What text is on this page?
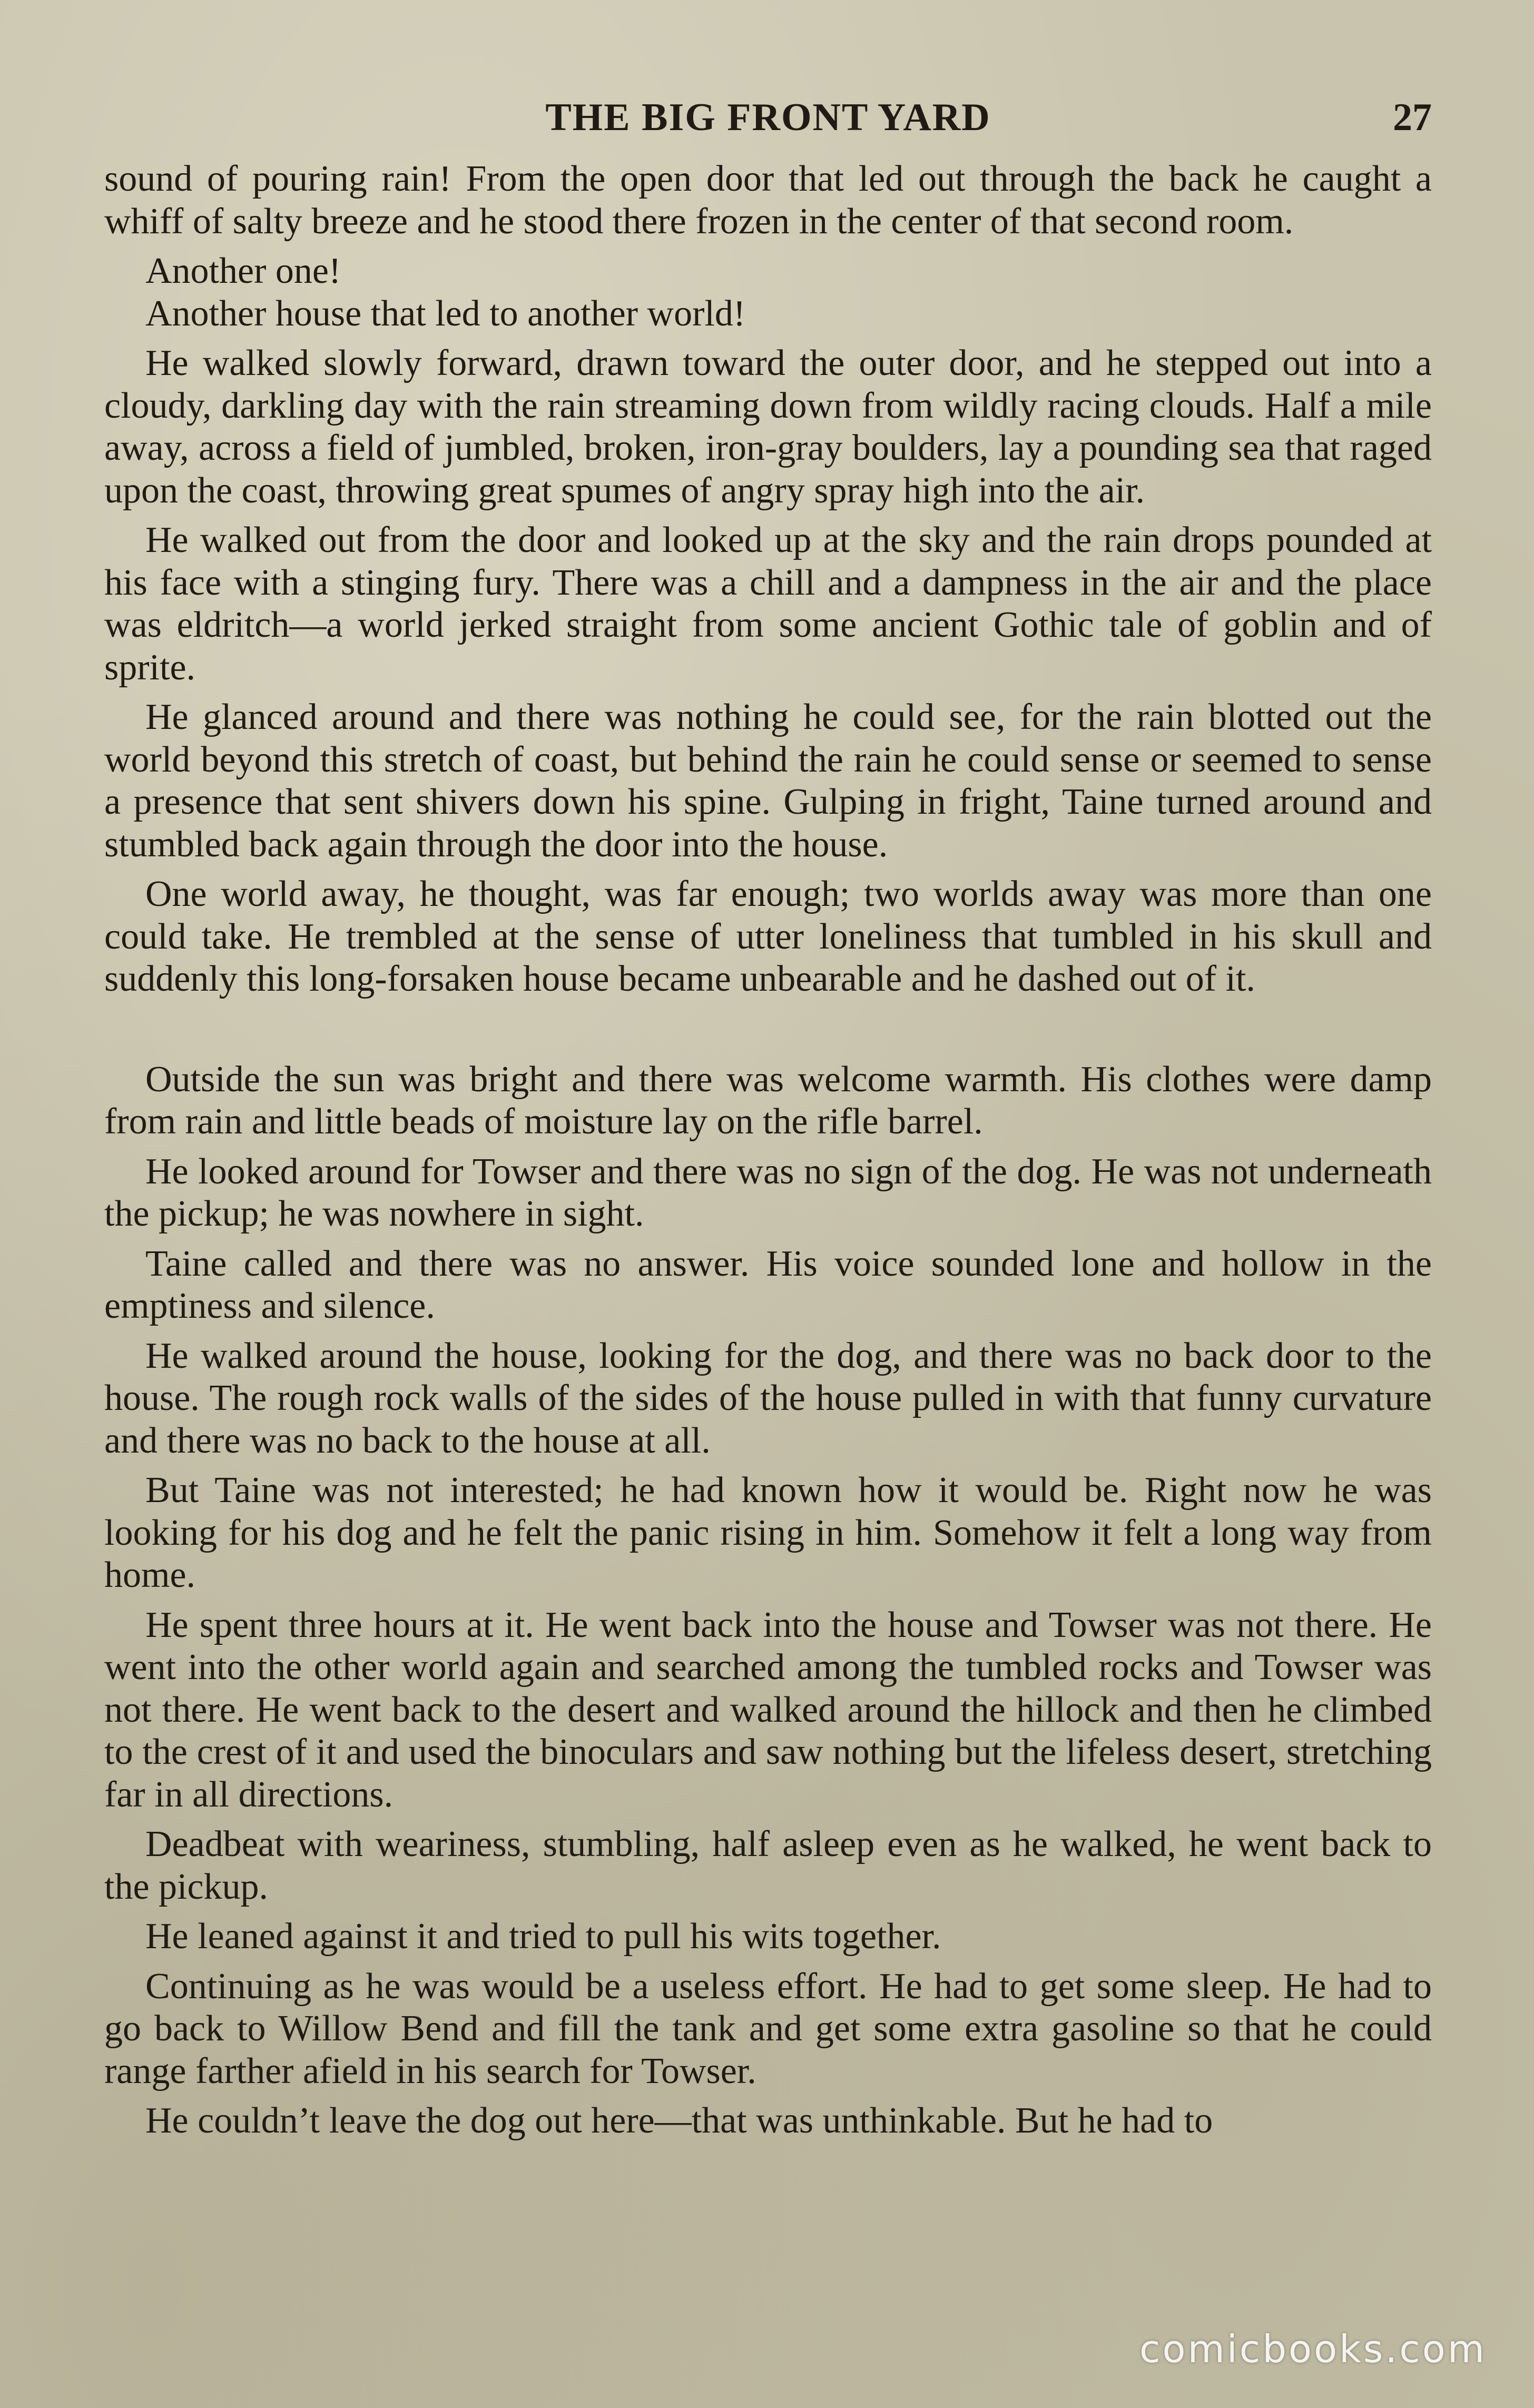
THE BIG FRONT YARD	27

sound of pouring rain! From the open door that led out through the back he caught a whiff of salty breeze and he stood there frozen in the center of that second room.

Another one!

Another house that led to another world!

He walked slowly forward, drawn toward the outer door, and he stepped out into a cloudy, darkling day with the rain streaming down from wildly racing clouds. Half a mile away, across a field of jumbled, broken, iron-gray boulders, lay a pounding sea that raged upon the coast, throwing great spumes of angry spray high into the air.

He walked out from the door and looked up at the sky and the rain drops pounded at his face with a stinging fury. There was a chill and a dampness in the air and the place was eldritch—a world jerked straight from some ancient Gothic tale of goblin and of sprite.

He glanced around and there was nothing he could see, for the rain blotted out the world beyond this stretch of coast, but behind the rain he could sense or seemed to sense a presence that sent shivers down his spine. Gulping in fright, Taine turned around and stumbled back again through the door into the house.

One world away, he thought, was far enough; two worlds away was more than one could take. He trembled at the sense of utter loneliness that tumbled in his skull and suddenly this long-forsaken house became unbearable and he dashed out of it.

Outside the sun was bright and there was welcome warmth. His clothes were damp from rain and little beads of moisture lay on the rifle barrel.

He looked around for Towser and there was no sign of the dog. He was not underneath the pickup; he was nowhere in sight.

Taine called and there was no answer. His voice sounded lone and hollow in the emptiness and silence.

He walked around the house, looking for the dog, and there was no back door to the house. The rough rock walls of the sides of the house pulled in with that funny curvature and there was no back to the house at all.

But Taine was not interested; he had known how it would be. Right now he was looking for his dog and he felt the panic rising in him. Somehow it felt a long way from home.

He spent three hours at it. He went back into the house and Towser was not there. He went into the other world again and searched among the tumbled rocks and Towser was not there. He went back to the desert and walked around the hillock and then he climbed to the crest of it and used the binoculars and saw nothing but the lifeless desert, stretching far in all directions.

Deadbeat with weariness, stumbling, half asleep even as he walked, he went back to the pickup.

He leaned against it and tried to pull his wits together.

Continuing as he was would be a useless effort. He had to get some sleep. He had to go back to Willow Bend and fill the tank and get some extra gasoline so that he could range farther afield in his search for Towser.

He couldn’t leave the dog out here—that was unthinkable. But he had to

comicbooks.com
